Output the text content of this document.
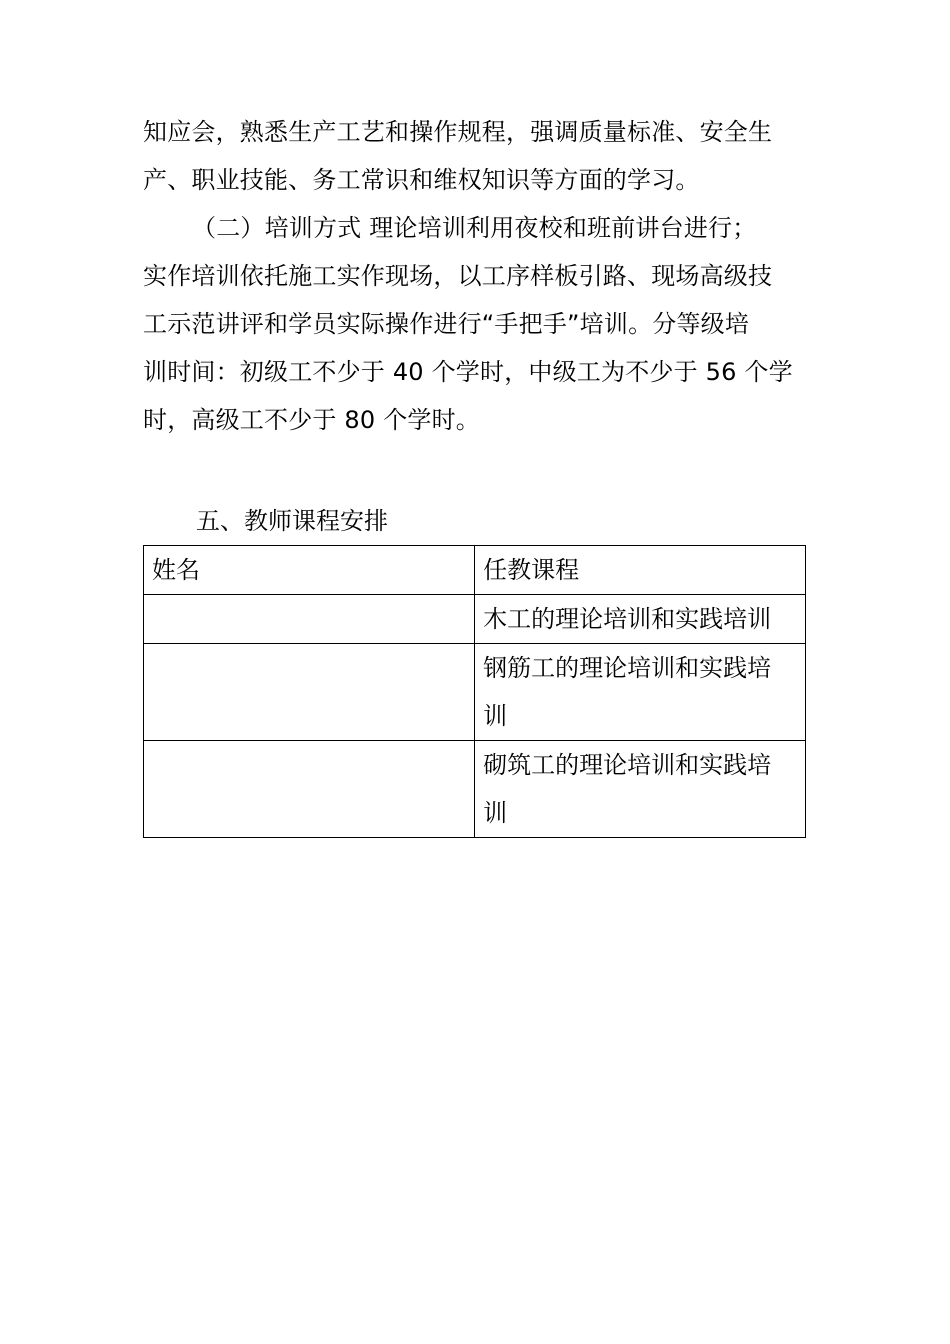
知应会，熟悉生产工艺和操作规程，强调质量标准、安全生
产、职业技能、务工常识和维权知识等方面的学习。
（二）培训方式 理论培训利用夜校和班前讲台进行；
实作培训依托施工实作现场，以工序样板引路、现场高级技
工示范讲评和学员实际操作进行“手把手”培训。分等级培
训时间：初级工不少于 40 个学时，中级工为不少于 56 个学
时，高级工不少于 80 个学时。
五、教师课程安排
姓名	任教课程

	木工的理论培训和实践培训

	钢筋工的理论培训和实践培
训

	砌筑工的理论培训和实践培
训
